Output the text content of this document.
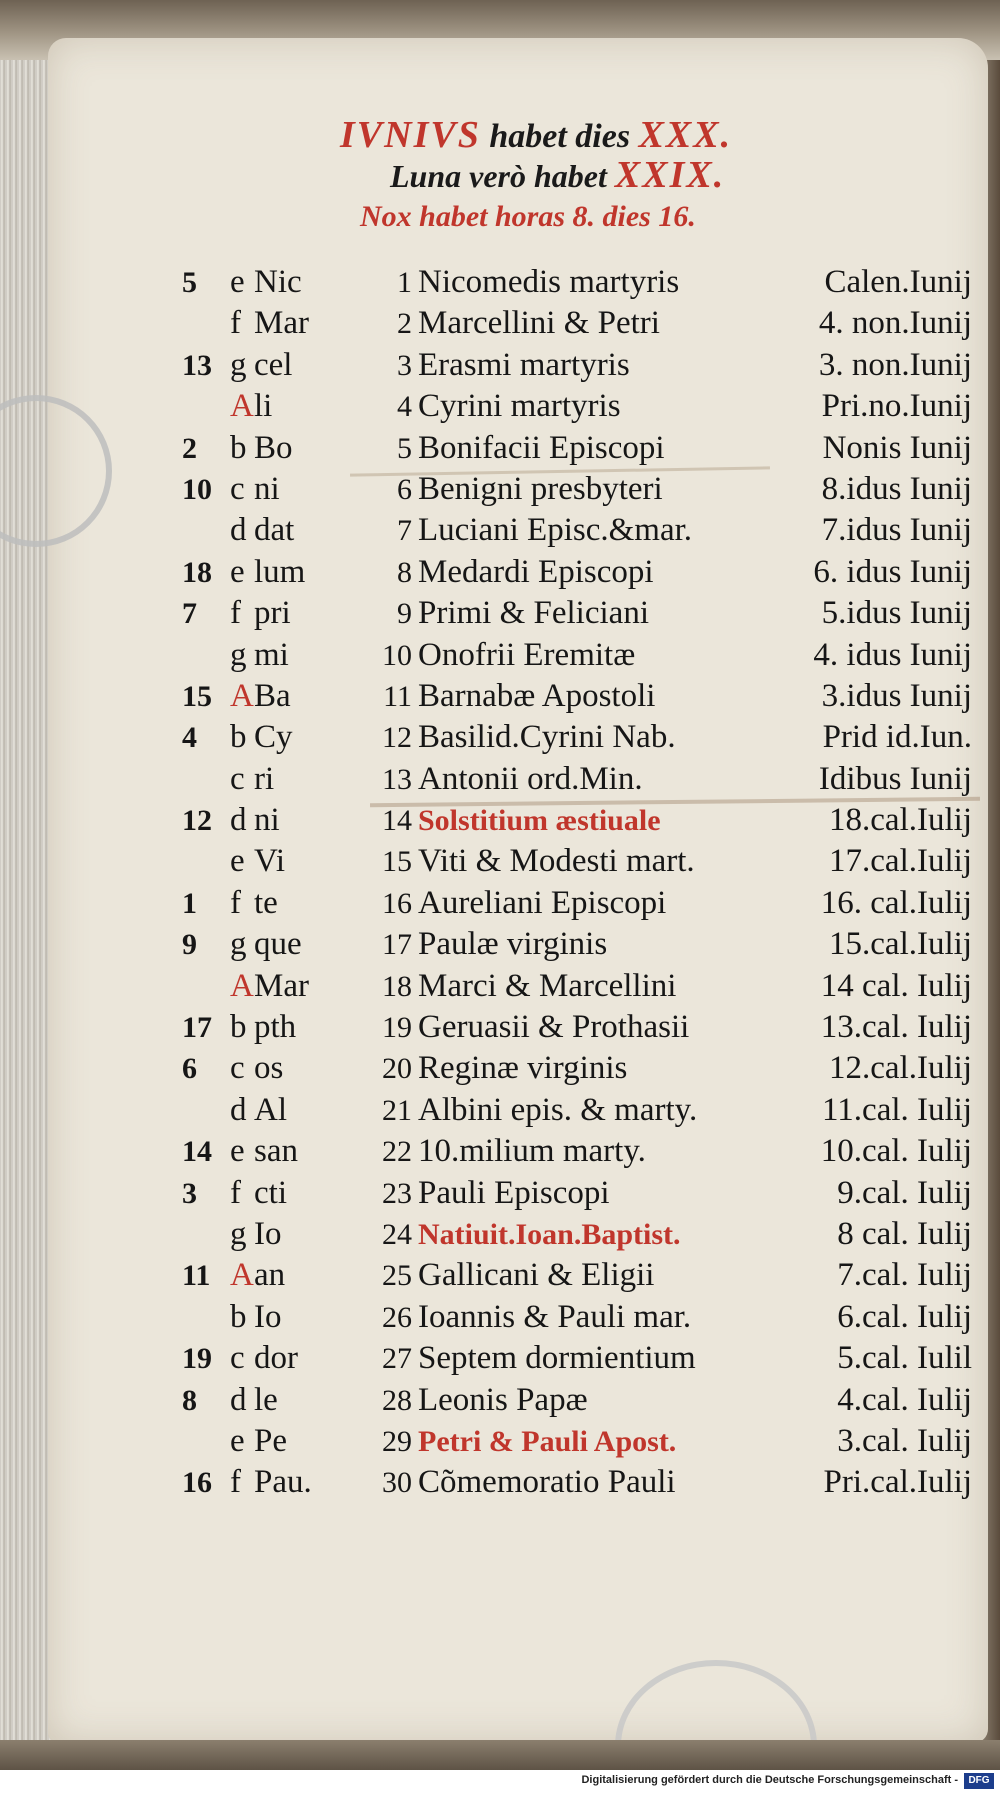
IVNIVS habet dies XXX.
Luna verò habet XXIX.
Nox habet horas 8. dies 16.
5	e Nic	1 Nicomedis martyris	Calen.Iunij
f Mar	2 Marcellini & Petri	4. non.Iunij
13 g cel	3 Erasmi martyris	3. non.Iunij
A li	4 Cyrini martyris	Pri.no.Iunij
2	b Bo	5 Bonifacii Episcopi	Nonis Iunij
10 c ni	6 Benigni presbyteri	8.idus Iunij
d dat	7 Luciani Episc.&mar.	7.idus Iunij
18 e lum	8 Medardi Episcopi	6. idus Iunij
7	f pri	9 Primi & Feliciani	5.idus Iunij
g mi	10 Onofrii Eremitæ	4. idus Iunij
15 A Ba	11 Barnabæ Apostoli	3.idus Iunij
4	b Cy	12 Basilid.Cyrini Nab.	Prid id.Iun.
c ri	13 Antonii ord.Min.	Idibus Iunij
12 d ni	14 Solstitium æstiuale	18.cal.Iulij
e Vi	15 Viti & Modesti mart.	17.cal.Iulij
1	f te	16 Aureliani Episcopi	16. cal.Iulij
9	g que	17 Paulæ virginis	15.cal.Iulij
A Mar	18 Marci & Marcellini	14 cal. Iulij
17 b pth	19 Geruasii & Prothasii	13.cal. Iulij
6	c os	20 Reginæ virginis	12.cal.Iulij
d Al	21 Albini epis. & marty.	11.cal. Iulij
14 e san	22 10.milium marty.	10.cal. Iulij
3	f cti	23 Pauli Episcopi	9.cal. Iulij
g Io	24 Natiuit.Ioan.Baptist.	8 cal. Iulij
11 A an	25 Gallicani & Eligii	7.cal. Iulij
b Io	26 Ioannis & Pauli mar.	6.cal. Iulij
19 c dor	27 Septem dormientium	5.cal. Iulil
8	d le	28 Leonis Papæ	4.cal. Iulij
e Pe	29 Petri & Pauli Apost.	3.cal. Iulij
16 f Pau.	30 Cõmemoratio Pauli	Pri.cal.Iulij
Digitalisierung gefördert durch die Deutsche Forschungsgemeinschaft -	DFG
